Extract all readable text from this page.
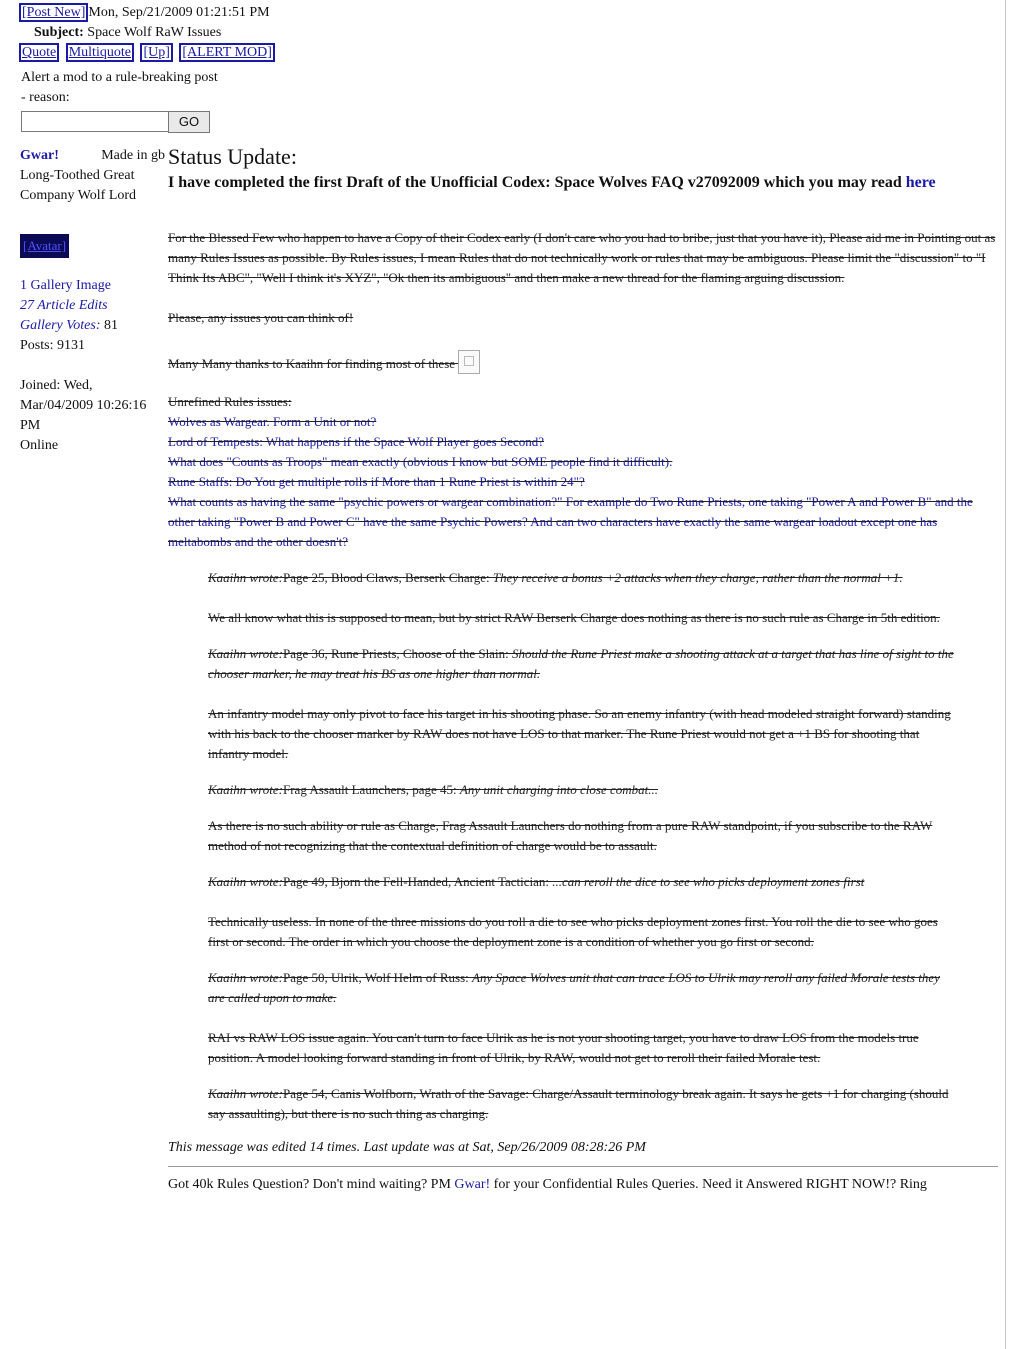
[Post New] Mon, Sep/21/2009 01:21:51 PM
Subject: Space Wolf RaW Issues
Quote Multiquote [Up] [ALERT MOD]
Alert a mod to a rule-breaking post - reason:
GO
Gwar!	Made in gb
Long-Toothed Great Company Wolf Lord
[Avatar]
1 Gallery Image
27 Article Edits
Gallery Votes: 81
Posts: 9131
Joined: Wed, Mar/04/2009 10:26:16 PM
Online
Status Update:
I have completed the first Draft of the Unofficial Codex: Space Wolves FAQ v27092009 which you may read here

For the Blessed Few who happen to have a Copy of their Codex early (I don't care who you had to bribe, just that you have it), Please aid me in Pointing out as many Rules Issues as possible. By Rules issues, I mean Rules that do not technically work or rules that may be ambiguous. Please limit the "discussion" to "I Think Its ABC", "Well I think it's XYZ", "Ok then its ambiguous" and then make a new thread for the flaming arguing discussion.

Please, any issues you can think of!

Many Many thanks to Kaaihn for finding most of these

Unrefined Rules issues:

Wolves as Wargear. Form a Unit or not?
Lord of Tempests: What happens if the Space Wolf Player goes Second?
What does "Counts as Troops" mean exactly (obvious I know but SOME people find it difficult).
Rune Staffs: Do You get multiple rolls if More than 1 Rune Priest is within 24"?
What counts as having the same "psychic powers or wargear combination?" For example do Two Rune Priests, one taking "Power A and Power B" and the other taking "Power B and Power C" have the same Psychic Powers? And can two characters have exactly the same wargear loadout except one has meltabombs and the other doesn't?

Kaaihn wrote:Page 25, Blood Claws, Berserk Charge: They receive a bonus +2 attacks when they charge, rather than the normal +1.

We all know what this is supposed to mean, but by strict RAW Berserk Charge does nothing as there is no such rule as Charge in 5th edition.

Kaaihn wrote:Page 36, Rune Priests, Choose of the Slain: Should the Rune Priest make a shooting attack at a target that has line of sight to the chooser marker, he may treat his BS as one higher than normal.

An infantry model may only pivot to face his target in his shooting phase. So an enemy infantry (with head modeled straight forward) standing with his back to the chooser marker by RAW does not have LOS to that marker. The Rune Priest would not get a +1 BS for shooting that infantry model.

Kaaihn wrote:Frag Assault Launchers, page 45: Any unit charging into close combat...

As there is no such ability or rule as Charge, Frag Assault Launchers do nothing from a pure RAW standpoint, if you subscribe to the RAW method of not recognizing that the contextual definition of charge would be to assault.

Kaaihn wrote:Page 49, Bjorn the Fell-Handed, Ancient Tactician: ...can reroll the dice to see who picks deployment zones first

Technically useless. In none of the three missions do you roll a die to see who picks deployment zones first. You roll the die to see who goes first or second. The order in which you choose the deployment zone is a condition of whether you go first or second.

Kaaihn wrote:Page 50, Ulrik, Wolf Helm of Russ: Any Space Wolves unit that can trace LOS to Ulrik may reroll any failed Morale tests they are called upon to make.

RAI vs RAW LOS issue again. You can't turn to face Ulrik as he is not your shooting target, you have to draw LOS from the models true position. A model looking forward standing in front of Ulrik, by RAW, would not get to reroll their failed Morale test.

Kaaihn wrote:Page 54, Canis Wolfborn, Wrath of the Savage: Charge/Assault terminology break again. It says he gets +1 for charging (should say assaulting), but there is no such thing as charging.

This message was edited 14 times. Last update was at Sat, Sep/26/2009 08:28:26 PM
Got 40k Rules Question? Don't mind waiting? PM Gwar! for your Confidential Rules Queries. Need it Answered RIGHT NOW!? Ring
